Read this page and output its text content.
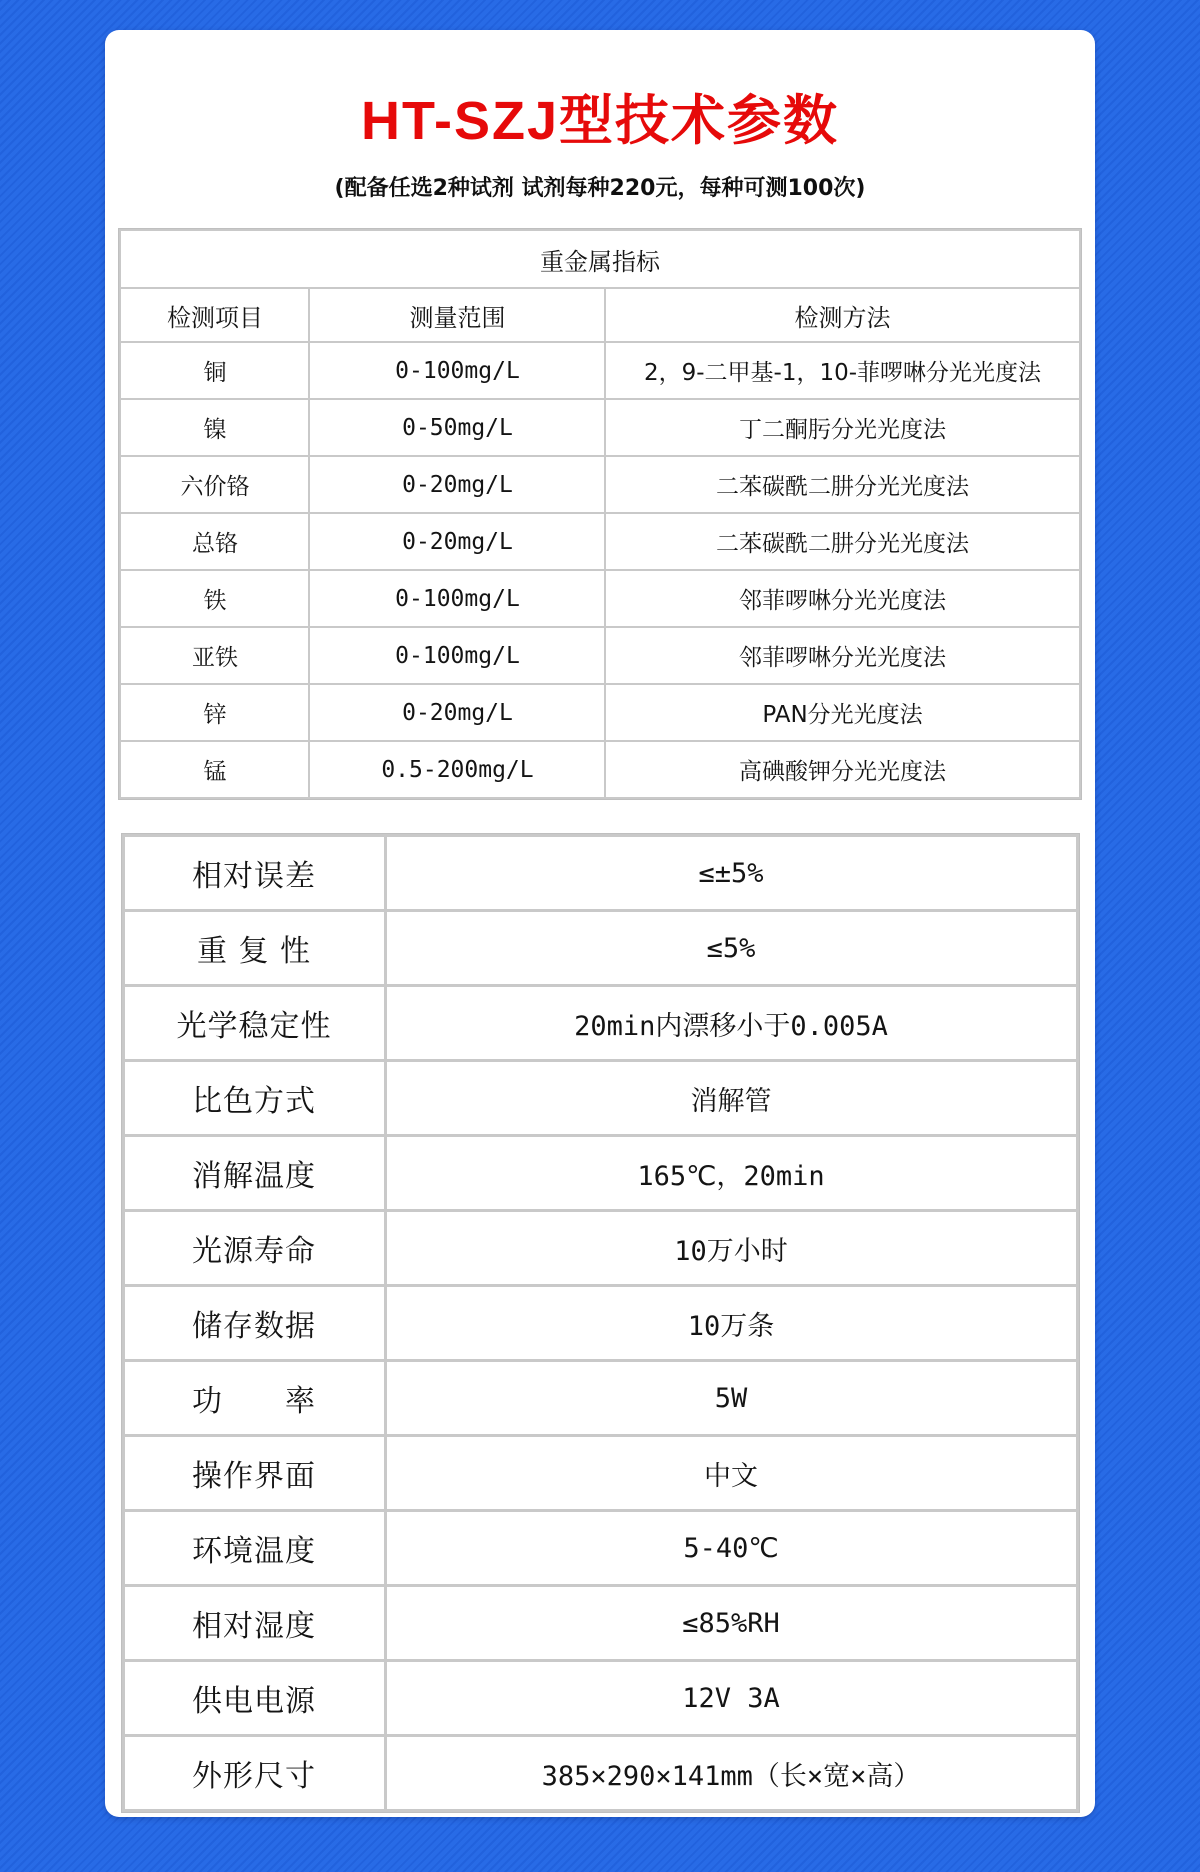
HT-SZJ型技术参数
(配备任选2种试剂 试剂每种220元，每种可测100次)
重金属指标		
检测项目	测量范围	检测方法
铜	0-100mg/L	2，9-二甲基-1，10-菲啰啉分光光度法
镍	0-50mg/L	丁二酮肟分光光度法
六价铬	0-20mg/L	二苯碳酰二肼分光光度法
总铬	0-20mg/L	二苯碳酰二肼分光光度法
铁	0-100mg/L	邻菲啰啉分光光度法
亚铁	0-100mg/L	邻菲啰啉分光光度法
锌	0-20mg/L	PAN分光光度法
锰	0.5-200mg/L	高碘酸钾分光光度法
相对误差	≤±5%
重 复 性	≤5%
光学稳定性	20min内漂移小于0.005A
比色方式	消解管
消解温度	165℃，20min
光源寿命	10万小时
储存数据	10万条
功　　率	5W
操作界面	中文
环境温度	5-40℃
相对湿度	≤85%RH
供电电源	12V 3A
外形尺寸	385×290×141mm（长×宽×高）
